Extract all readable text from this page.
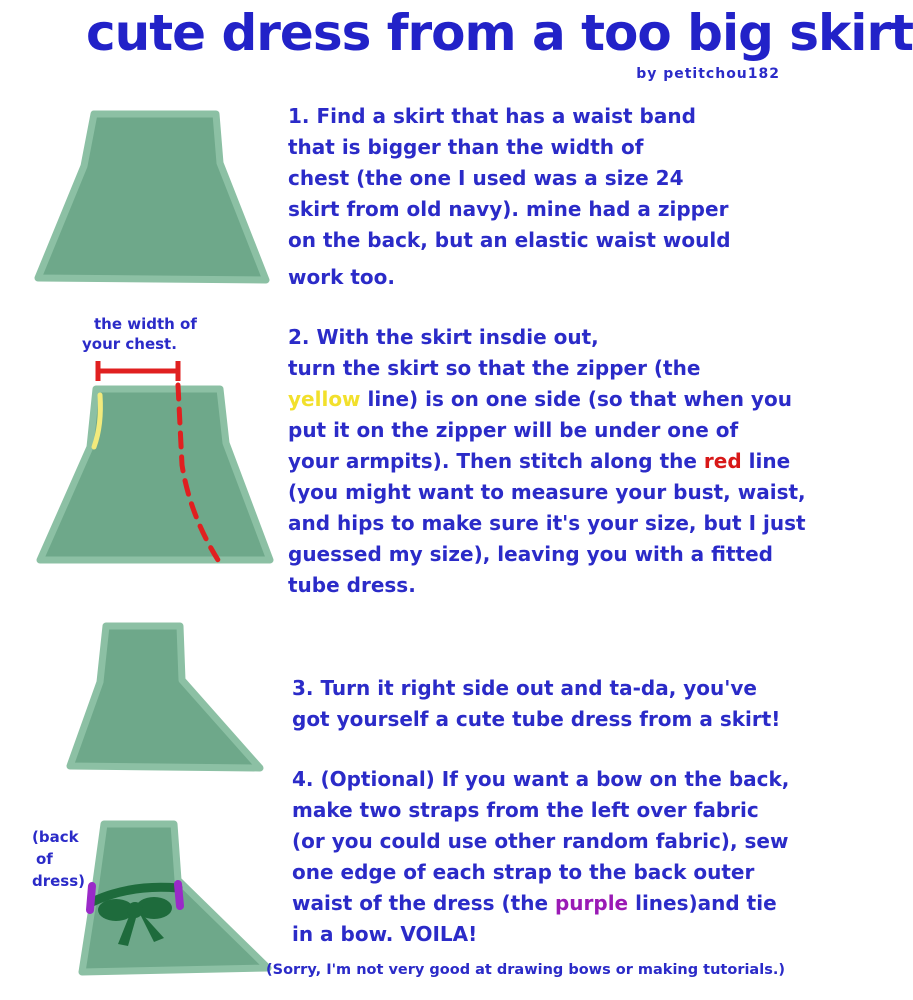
cute dress from a too big skirt
by petitchou182
1. Find a skirt that has a waist band
that is bigger than the width of
chest (the one I used was a size 24
skirt from old navy). mine had a zipper
on the back, but an elastic waist would
work too.
the width of
your chest.	2. With the skirt insdie out,
turn the skirt so that the zipper (the
yellow line) is on one side (so that when you
put it on the zipper will be under one of
your armpits). Then stitch along the red line
(you might want to measure your bust, waist,
and hips to make sure it's your size, but I just
guessed my size), leaving you with a fitted
tube dress.
3. Turn it right side out and ta-da, you've
got yourself a cute tube dress from a skirt!
(back
of
dress)
4. (Optional) If you want a bow on the back,
make two straps from the left over fabric
(or you could use other random fabric), sew
one edge of each strap to the back outer
waist of the dress (the purple lines)and tie
in a bow. VOILA!
(Sorry, I'm not very good at drawing bows or making tutorials.)
